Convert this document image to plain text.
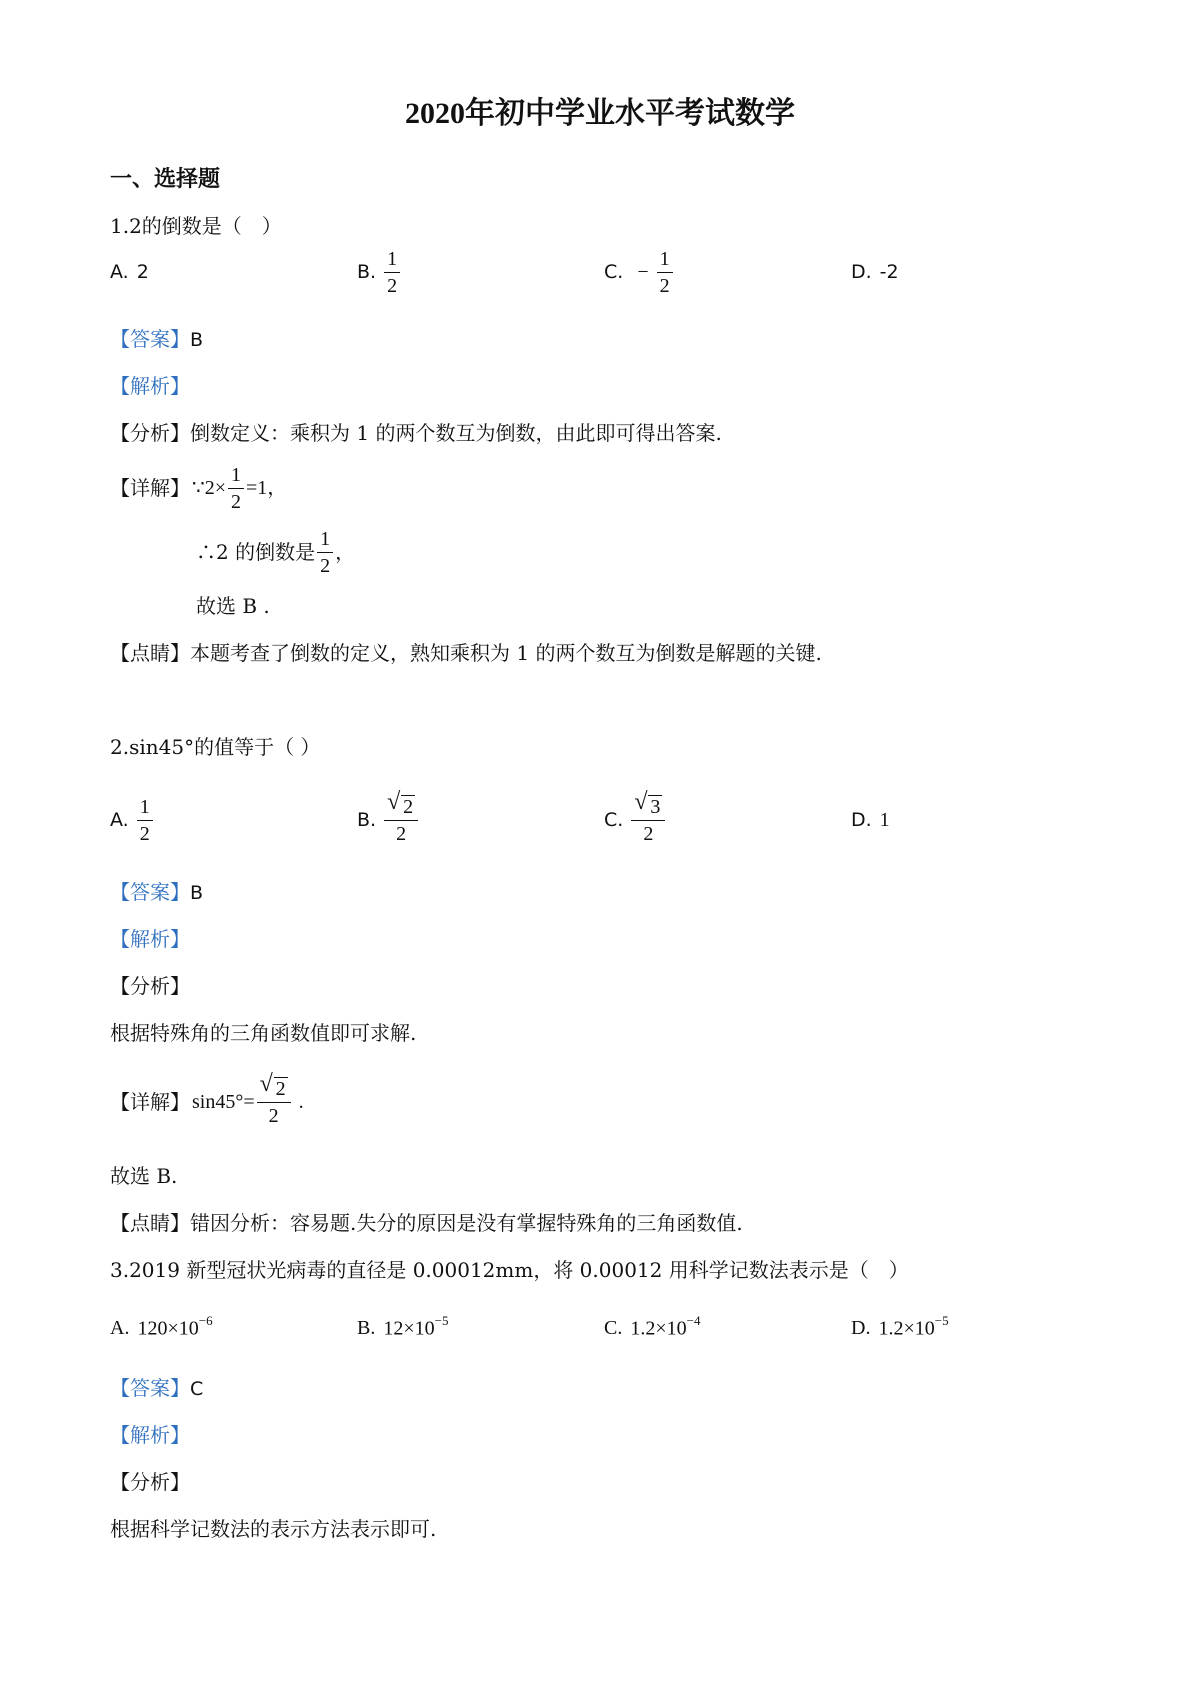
2020年初中学业水平考试数学
一、选择题
1.2的倒数是（　）
A. 2	B. $\frac{1}{2}$	C. − $\frac{1}{2}$	D. -2
【答案】B
【解析】
【分析】倒数定义：乘积为 1 的两个数互为倒数，由此即可得出答案.
【详解】 ∵2× $\frac{1}{2} =1$，
∴2 的倒数是 $\frac{1}{2}$ ，
故选 B .
【点睛】本题考查了倒数的定义，熟知乘积为 1 的两个数互为倒数是解题的关键.
2.sin45°的值等于（ ）
A. $\frac{1}{2}$	B. $\frac{√ 2}{2}$	C. $\frac{√ 3}{2}$	D. 1
【答案】B
【解析】
【分析】
根据特殊角的三角函数值即可求解.
【详解】 $\sin 45^\circ= \frac{√ 2}{2}$ .
故选 B.
【点睛】错因分析：容易题.失分的原因是没有掌握特殊角的三角函数值.
3.2019 新型冠状光病毒的直径是 0.00012mm，将 0.00012 用科学记数法表示是（　）
A. $120\times 10^{-6}$	B. $12\times 10^{-5}$	C. $1.2\times 10^{-4}$	D. $1.2\times 10^{-5}$
【答案】C
【解析】
【分析】
根据科学记数法的表示方法表示即可.
